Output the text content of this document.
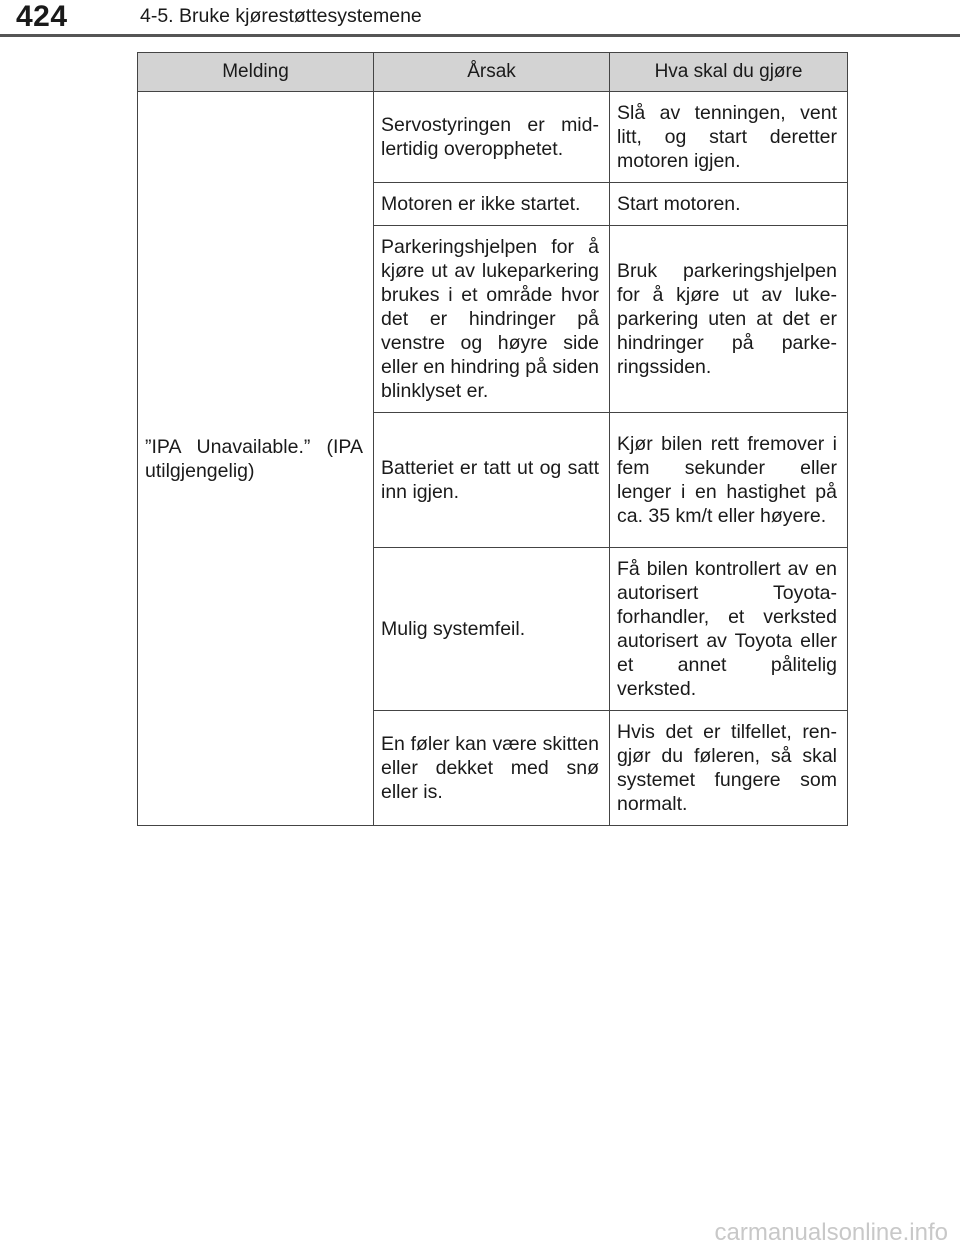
424	4-5. Bruke kjørestøttesystemene
Melding	Årsak	Hva skal du gjøre
”IPA Unavailable.” (IPA utilgjengelig)	Servostyringen er midlertidig overopphetet.	Slå av tenningen, vent litt, og start deretter motoren igjen.
	Motoren er ikke startet.	Start motoren.
	Parkeringshjelpen for å kjøre ut av lukeparkering brukes i et område hvor det er hindringer på venstre og høyre side eller en hindring på siden blinklyset er.	Bruk parkeringshjelpen for å kjøre ut av lukeparkering uten at det er hindringer på parkeringssiden.
	Batteriet er tatt ut og satt inn igjen.	Kjør bilen rett fremover i fem sekunder eller lenger i en hastighet på ca. 35 km/t eller høyere.
	Mulig systemfeil.	Få bilen kontrollert av en autorisert Toyota-forhandler, et verksted autorisert av Toyota eller et annet pålitelig verksted.
	En føler kan være skitten eller dekket med snø eller is.	Hvis det er tilfellet, rengjør du føleren, så skal systemet fungere som normalt.
carmanualsonline.info
